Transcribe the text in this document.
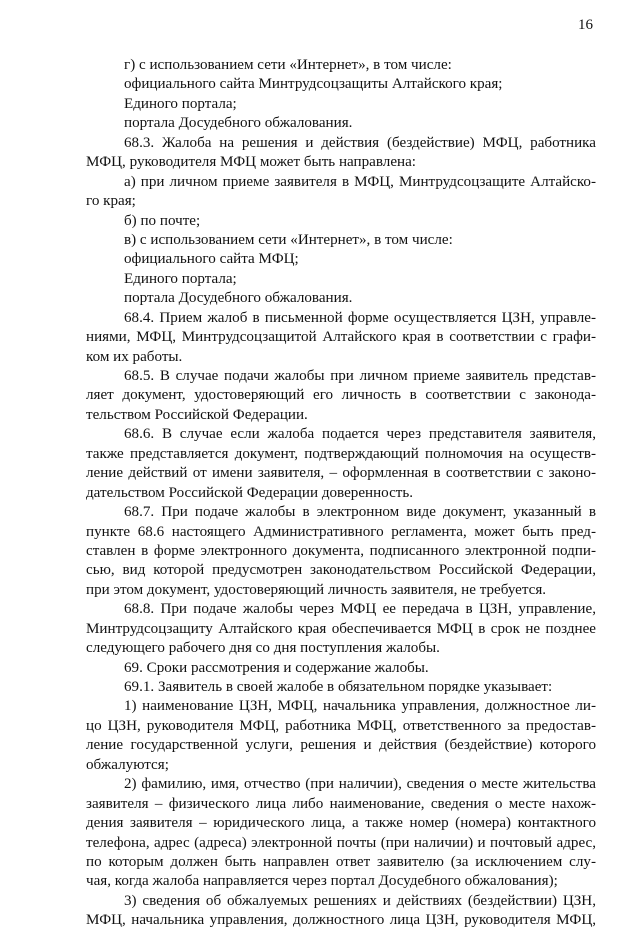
16
г) с использованием сети «Интернет», в том числе:
официального сайта Минтрудсоцзащиты Алтайского края;
Единого портала;
портала Досудебного обжалования.
68.3. Жалоба на решения и действия (бездействие) МФЦ, работника
МФЦ, руководителя МФЦ может быть направлена:
а) при личном приеме заявителя в МФЦ, Минтрудсоцзащите Алтайско-
го края;
б) по почте;
в) с использованием сети «Интернет», в том числе:
официального сайта МФЦ;
Единого портала;
портала Досудебного обжалования.
68.4. Прием жалоб в письменной форме осуществляется ЦЗН, управле-
ниями, МФЦ, Минтрудсоцзащитой Алтайского края в соответствии с графи-
ком их работы.
68.5. В случае подачи жалобы при личном приеме заявитель представ-
ляет документ, удостоверяющий его личность в соответствии с законода-
тельством Российской Федерации.
68.6. В случае если жалоба подается через представителя заявителя,
также представляется документ, подтверждающий полномочия на осуществ-
ление действий от имени заявителя, – оформленная в соответствии с законо-
дательством Российской Федерации доверенность.
68.7. При подаче жалобы в электронном виде документ, указанный в
пункте 68.6 настоящего Административного регламента, может быть пред-
ставлен в форме электронного документа, подписанного электронной подпи-
сью, вид которой предусмотрен законодательством Российской Федерации,
при этом документ, удостоверяющий личность заявителя, не требуется.
68.8. При подаче жалобы через МФЦ ее передача в ЦЗН, управление,
Минтрудсоцзащиту Алтайского края обеспечивается МФЦ в срок не позднее
следующего рабочего дня со дня поступления жалобы.
69. Сроки рассмотрения и содержание жалобы.
69.1. Заявитель в своей жалобе в обязательном порядке указывает:
1) наименование ЦЗН, МФЦ, начальника управления, должностное ли-
цо ЦЗН, руководителя МФЦ, работника МФЦ, ответственного за предостав-
ление государственной услуги, решения и действия (бездействие) которого
обжалуются;
2) фамилию, имя, отчество (при наличии), сведения о месте жительства
заявителя – физического лица либо наименование, сведения о месте нахож-
дения заявителя – юридического лица, а также номер (номера) контактного
телефона, адрес (адреса) электронной почты (при наличии) и почтовый адрес,
по которым должен быть направлен ответ заявителю (за исключением слу-
чая, когда жалоба направляется через портал Досудебного обжалования);
3) сведения об обжалуемых решениях и действиях (бездействии) ЦЗН,
МФЦ, начальника управления, должностного лица ЦЗН, руководителя МФЦ,
